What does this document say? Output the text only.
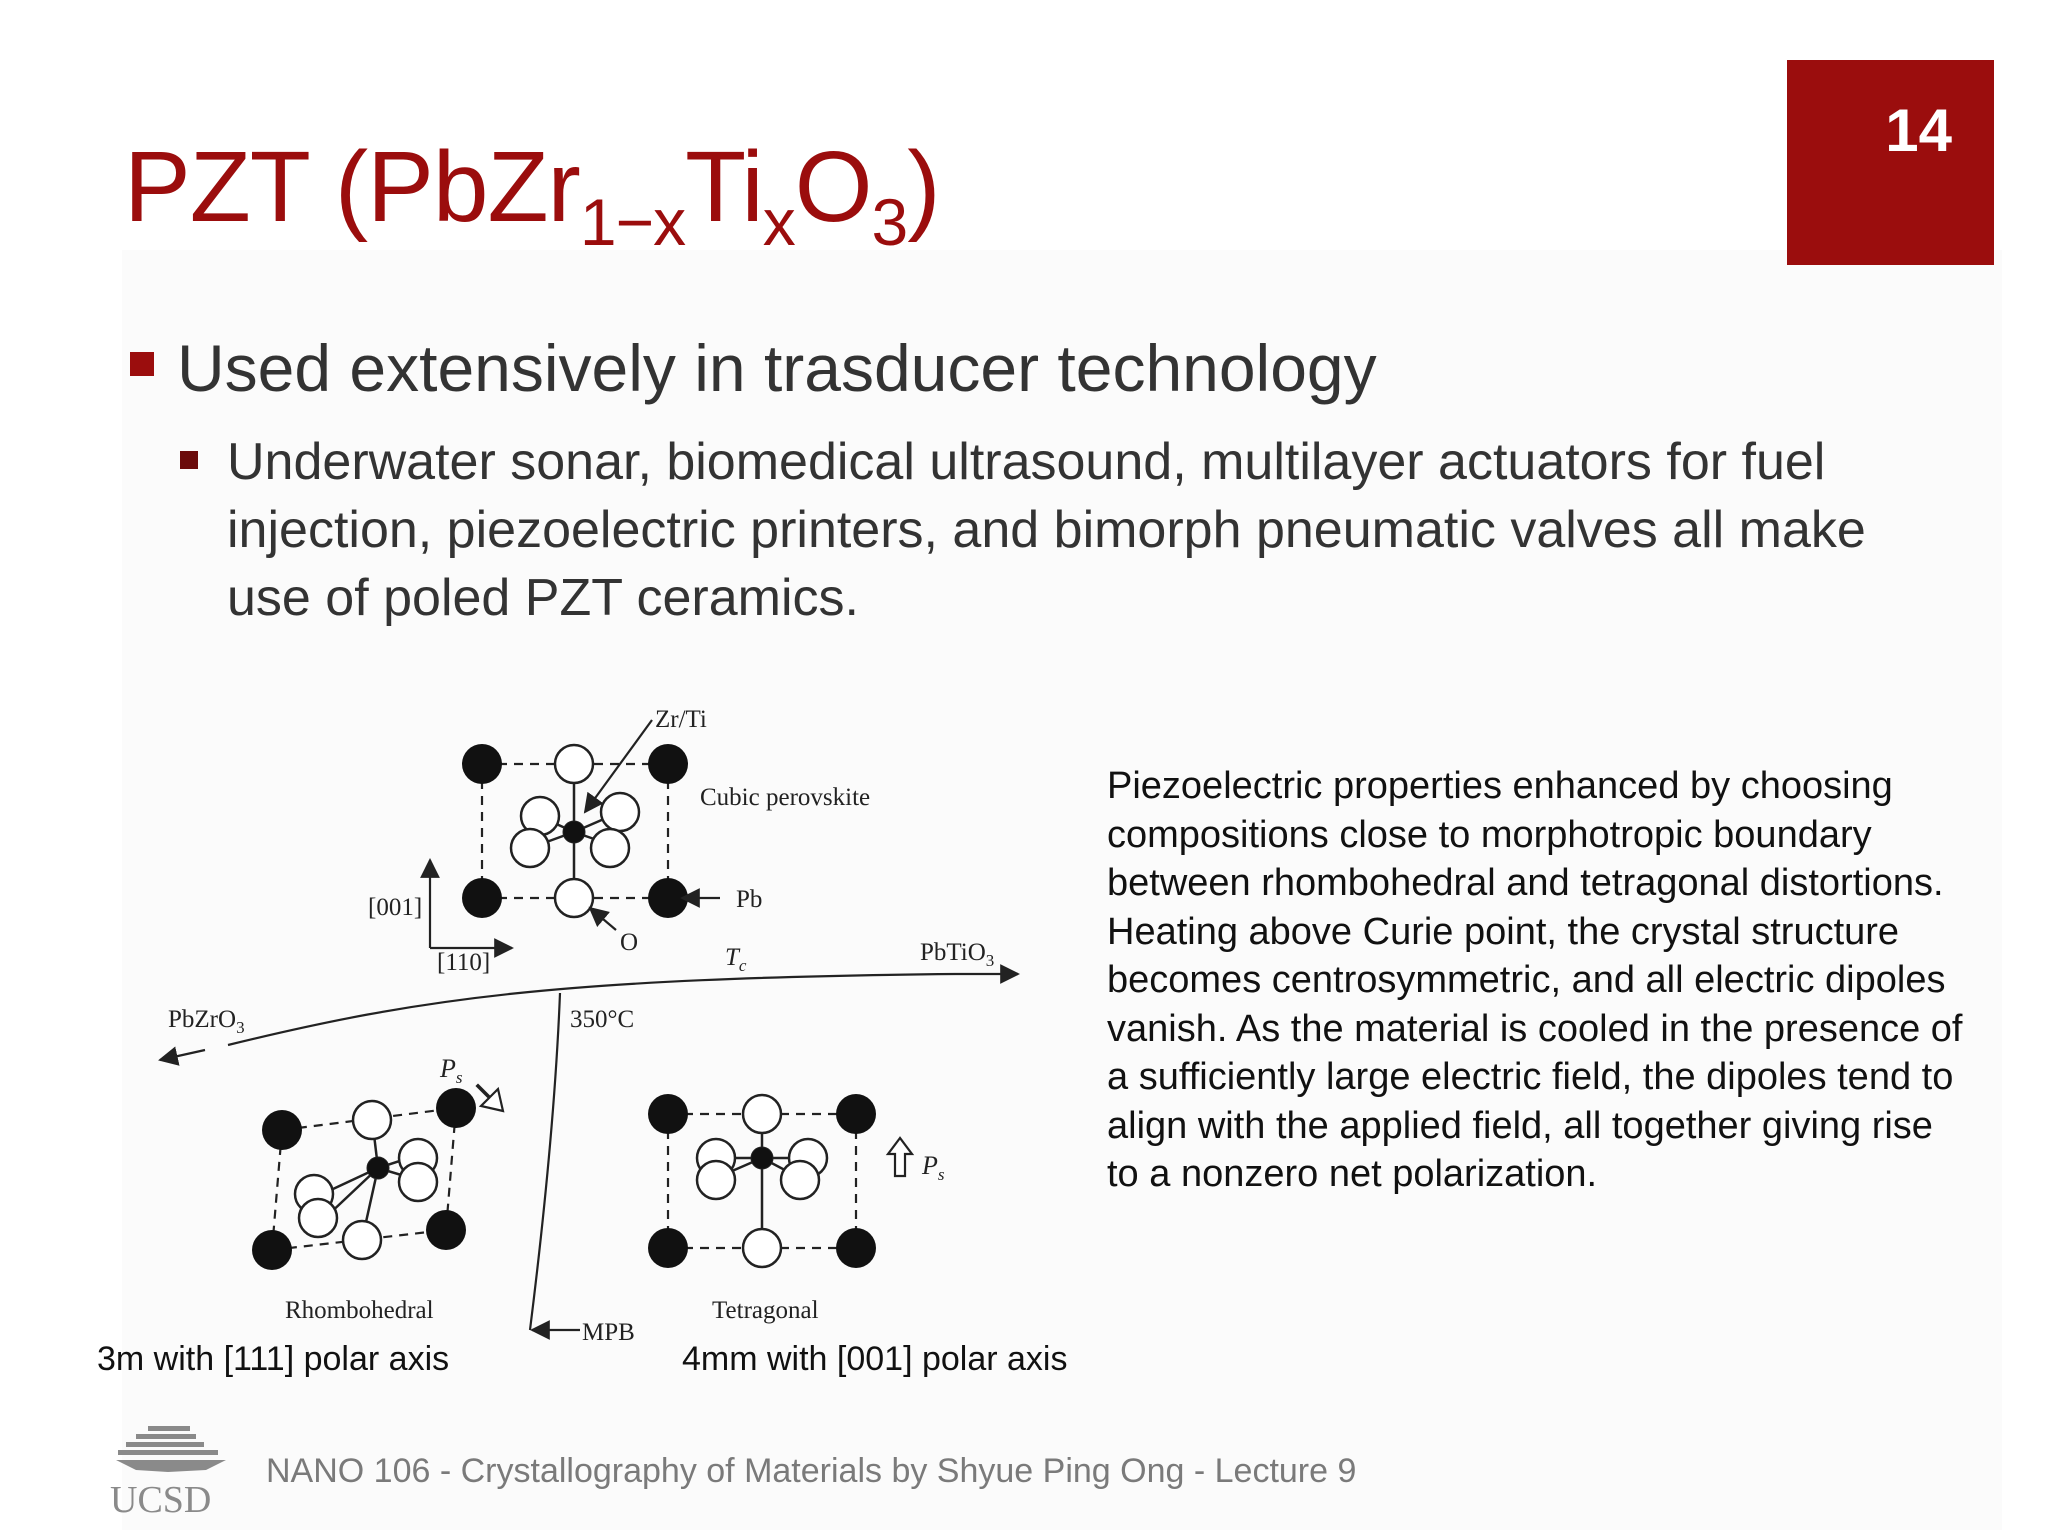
14
PZT $(PbZr_{1-x}Ti_xO_3)$
Used extensively in trasducer technology
Underwater sonar, biomedical ultrasound, multilayer actuators for fuel injection, piezoelectric printers, and bimorph pneumatic valves all make use of poled PZT ceramics.
Zr/Ti
Cubic perovskite
Pb
O
[001]
[110]	$T_c$	PbTiO$_3$
PbZrO$_3$	350°C
MPB
$P_s$
Rhombohedral
$P_s$
Tetragonal
3m with [111] polar axis	4mm with [001] polar axis

Piezoelectric properties enhanced by choosing compositions close to morphotropic boundary between rhombohedral and tetragonal distortions.

Heating above Curie point, the crystal structure becomes centrosymmetric, and all electric dipoles vanish. As the material is cooled in the presence of a sufficiently large electric field, the dipoles tend to align with the applied field, all together giving rise to a nonzero net polarization.

UCSD
NANO 106 - Crystallography of Materials by Shyue Ping Ong - Lecture 9
